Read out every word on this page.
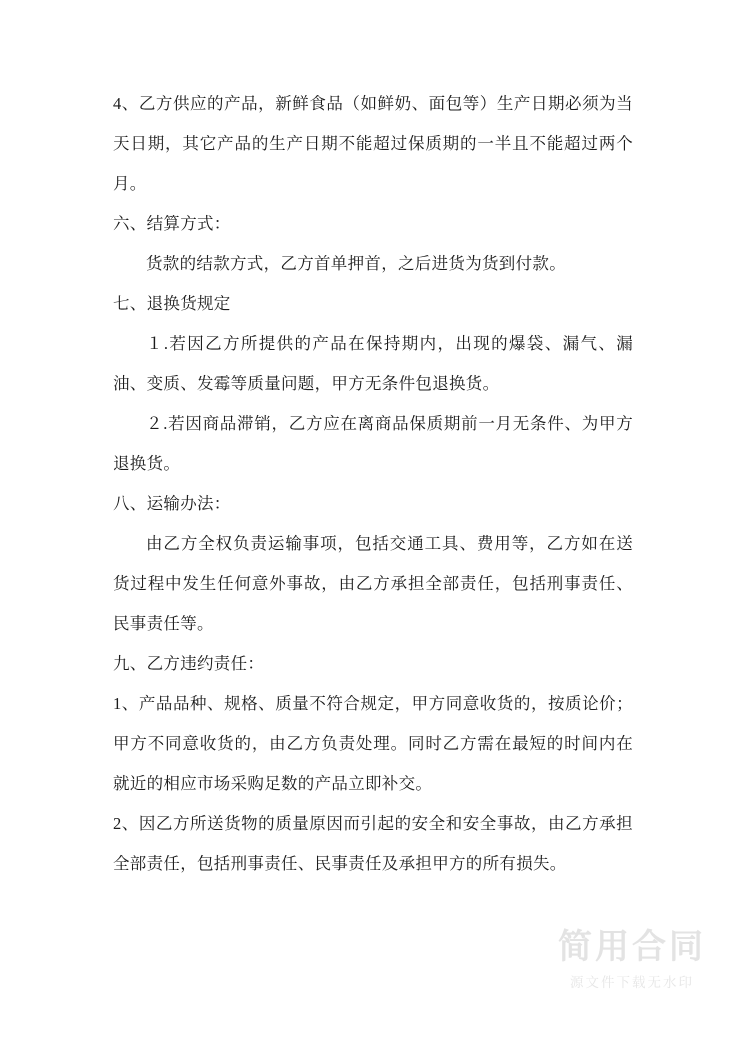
4、乙方供应的产品，新鲜食品（如鲜奶、面包等）生产日期必须为当天日期，其它产品的生产日期不能超过保质期的一半且不能超过两个月。

六、结算方式：

货款的结款方式，乙方首单押首，之后进货为货到付款。

七、退换货规定

１.若因乙方所提供的产品在保持期内，出现的爆袋、漏气、漏油、变质、发霉等质量问题，甲方无条件包退换货。

２.若因商品滞销，乙方应在离商品保质期前一月无条件、为甲方退换货。

八、运输办法：

由乙方全权负责运输事项，包括交通工具、费用等，乙方如在送货过程中发生任何意外事故，由乙方承担全部责任，包括刑事责任、民事责任等。

九、乙方违约责任：

1、产品品种、规格、质量不符合规定，甲方同意收货的，按质论价；甲方不同意收货的，由乙方负责处理。同时乙方需在最短的时间内在就近的相应市场采购足数的产品立即补交。

2、因乙方所送货物的质量原因而引起的安全和安全事故，由乙方承担全部责任，包括刑事责任、民事责任及承担甲方的所有损失。

简用合同
源文件下载无水印
